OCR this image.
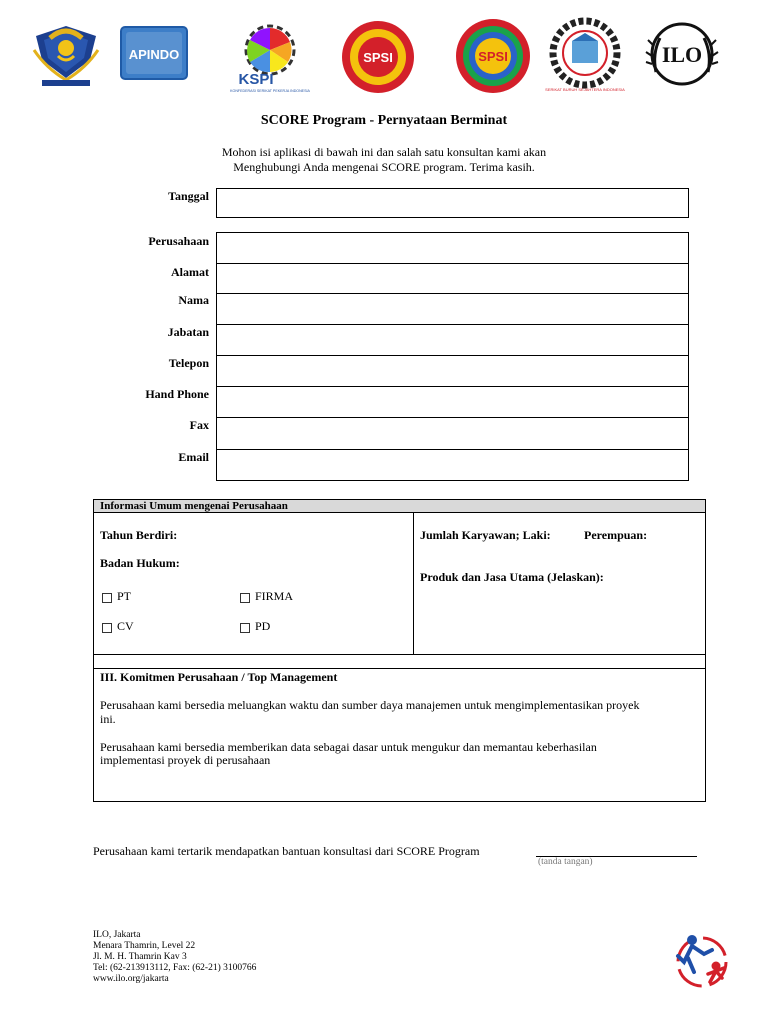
APINDO
KSPI
KONFEDERASI SERIKAT PEKERJA INDONESIA
SPSI	SPSI
SERIKAT BURUH SEJAHTERA INDONESIA
ILO
SCORE Program - Pernyataan Berminat
Mohon isi aplikasi di bawah ini dan salah satu konsultan kami akan
Menghubungi Anda mengenai SCORE program. Terima kasih.
Tanggal
Perusahaan
Alamat
Nama
Jabatan
Telepon
Hand Phone
Fax
Email
Informasi Umum mengenai Perusahaan
Tahun Berdiri:
Badan Hukum:
PT	FIRMA
CV	PD
Jumlah Karyawan; Laki:	Perempuan:
Produk dan Jasa Utama (Jelaskan):
III. Komitmen Perusahaan / Top Management
Perusahaan kami bersedia meluangkan waktu dan sumber daya manajemen untuk mengimplementasikan proyek
ini.
Perusahaan kami bersedia memberikan data sebagai dasar untuk mengukur dan memantau keberhasilan
implementasi proyek di perusahaan
Perusahaan kami tertarik mendapatkan bantuan konsultasi dari SCORE Program
(tanda tangan)
ILO, Jakarta
Menara Thamrin, Level 22
Jl. M. H. Thamrin Kav 3
Tel: (62-213913112, Fax: (62-21) 3100766
www.ilo.org/jakarta
